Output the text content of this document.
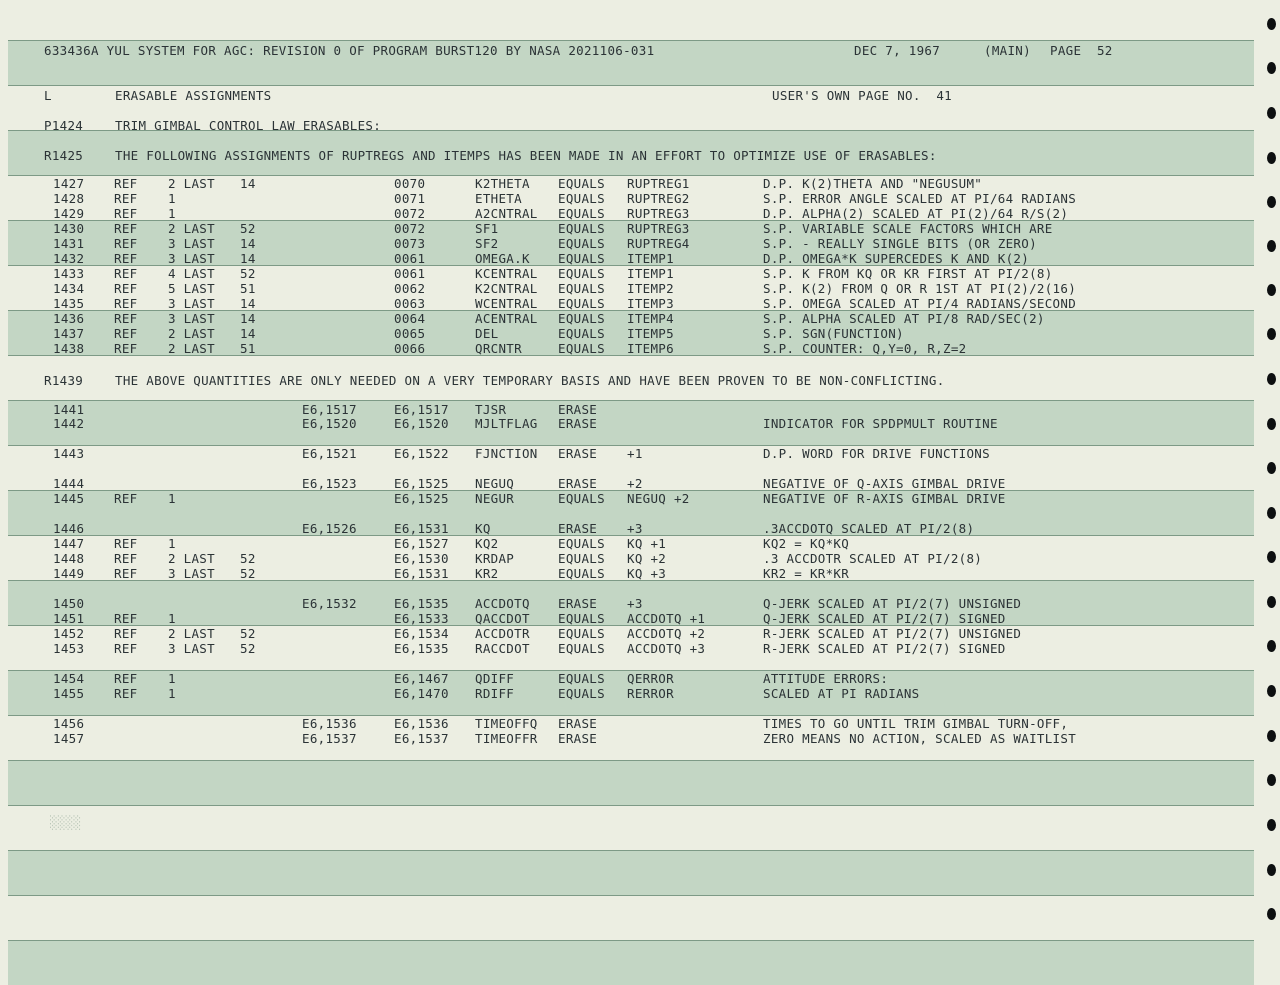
633436A YUL SYSTEM FOR AGC: REVISION 0 OF PROGRAM BURST120 BY NASA 2021106-031

	DEC 7, 1967

	(MAIN)

PAGE  52

L

	ERASABLE ASSIGNMENTS

	USER'S OWN PAGE NO.  41

P1424

	TRIM GIMBAL CONTROL LAW ERASABLES:

R1425

	THE FOLLOWING ASSIGNMENTS OF RUPTREGS AND ITEMPS HAS BEEN MADE IN AN EFFORT TO OPTIMIZE USE OF ERASABLES:

R1439

	THE ABOVE QUANTITIES ARE ONLY NEEDED ON A VERY TEMPORARY BASIS AND HAVE BEEN PROVEN TO BE NON-CONFLICTING.

1427 REF 2 LAST 14	0070	K2THETA EQUALS RUPTREG1	D.P. K(2)THETA AND "NEGUSUM"
1428 REF 1	0071	ETHETA	EQUALS RUPTREG2	S.P. ERROR ANGLE SCALED AT PI/64 RADIANS
1429 REF 1	0072	A2CNTRAL EQUALS RUPTREG3	D.P. ALPHA(2) SCALED AT PI(2)/64 R/S(2)
1430 REF 2 LAST 52	0072	SF1	EQUALS RUPTREG3	S.P. VARIABLE SCALE FACTORS WHICH ARE
1431 REF 3 LAST 14	0073	SF2	EQUALS RUPTREG4	S.P. - REALLY SINGLE BITS (OR ZERO)
1432 REF 3 LAST 14	0061	OMEGA.K EQUALS ITEMP1	D.P. OMEGA*K SUPERCEDES K AND K(2)
1433 REF 4 LAST 52	0061	KCENTRAL EQUALS ITEMP1	S.P. K FROM KQ OR KR FIRST AT PI/2(8)
1434 REF 5 LAST 51	0062	K2CNTRAL EQUALS ITEMP2	S.P. K(2) FROM Q OR R 1ST AT PI(2)/2(16)
1435 REF 3 LAST 14	0063	WCENTRAL EQUALS ITEMP3	S.P. OMEGA SCALED AT PI/4 RADIANS/SECOND
1436 REF 3 LAST 14	0064	ACENTRAL EQUALS ITEMP4	S.P. ALPHA SCALED AT PI/8 RAD/SEC(2)
1437 REF 2 LAST 14	0065	DEL	EQUALS ITEMP5	S.P. SGN(FUNCTION)
1438 REF 2 LAST 51	0066	QRCNTR	EQUALS ITEMP6	S.P. COUNTER: Q,Y=0, R,Z=2
1441	E6,1517	E6,1517 TJSR	ERASE
1442	E6,1520	E6,1520 MJLTFLAG ERASE	INDICATOR FOR SPDPMULT ROUTINE
1443	E6,1521	E6,1522 FJNCTION ERASE +1	D.P. WORD FOR DRIVE FUNCTIONS
1444	E6,1523	E6,1525 NEGUQ	ERASE +2	NEGATIVE OF Q-AXIS GIMBAL DRIVE
1445 REF 1	E6,1525 NEGUR	EQUALS NEGUQ +2	NEGATIVE OF R-AXIS GIMBAL DRIVE
1446	E6,1526	E6,1531 KQ	ERASE +3	.3ACCDOTQ SCALED AT PI/2(8)
1447 REF 1	E6,1527 KQ2	EQUALS KQ +1	KQ2 = KQ*KQ
1448 REF 2 LAST 52	E6,1530 KRDAP	EQUALS KQ +2	.3 ACCDOTR SCALED AT PI/2(8)
1449 REF 3 LAST 52	E6,1531 KR2	EQUALS KQ +3	KR2 = KR*KR
1450	E6,1532	E6,1535 ACCDOTQ ERASE +3	Q-JERK SCALED AT PI/2(7) UNSIGNED
1451 REF 1	E6,1533 QACCDOT EQUALS ACCDOTQ +1	Q-JERK SCALED AT PI/2(7) SIGNED
1452 REF 2 LAST 52	E6,1534 ACCDOTR EQUALS ACCDOTQ +2	R-JERK SCALED AT PI/2(7) UNSIGNED
1453 REF 3 LAST 52	E6,1535 RACCDOT EQUALS ACCDOTQ +3	R-JERK SCALED AT PI/2(7) SIGNED
1454 REF 1	E6,1467 QDIFF	EQUALS QERROR	ATTITUDE ERRORS:
1455 REF 1	E6,1470 RDIFF	EQUALS RERROR	SCALED AT PI RADIANS
1456	E6,1536	E6,1536 TIMEOFFQ ERASE	TIMES TO GO UNTIL TRIM GIMBAL TURN-OFF,
1457	E6,1537	E6,1537 TIMEOFFR ERASE	ZERO MEANS NO ACTION, SCALED AS WAITLIST
░░░░
